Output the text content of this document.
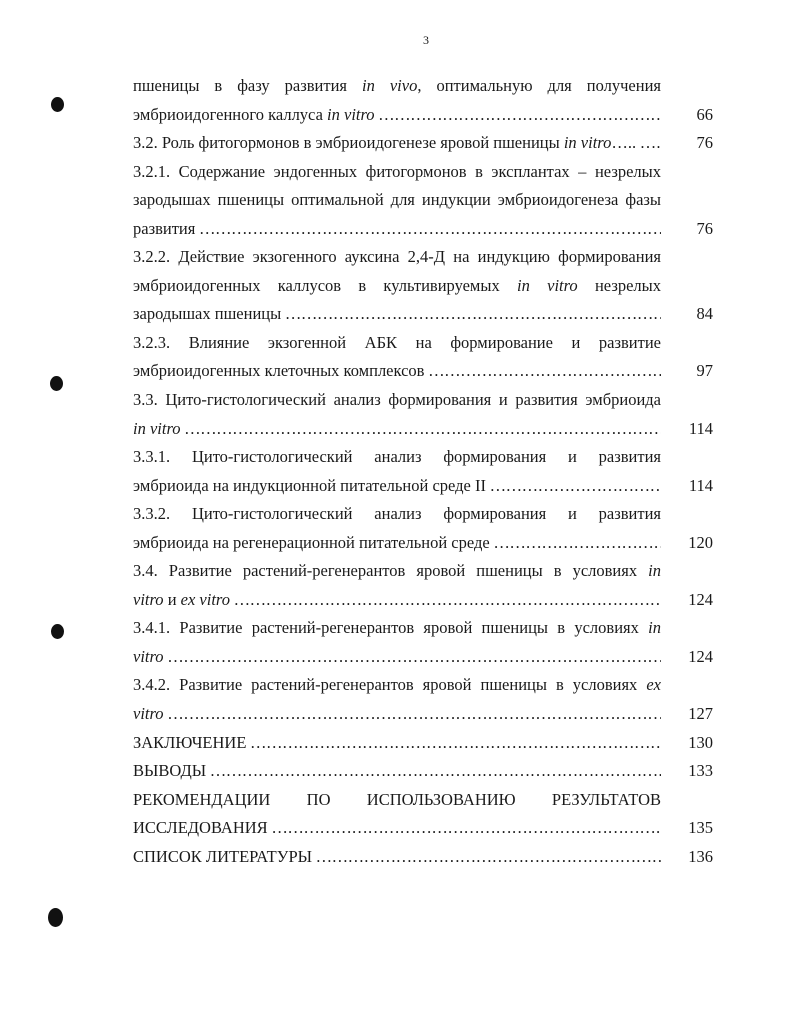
3
пшеницы в фазу развития in vivo, оптимальную для получения
эмбриоидогенного каллуса in vitro ………………………………………………………………………………………………………………………………………………	66
3.2. Роль фитогормонов в эмбриоидогенезе яровой пшеницы in vitro….. ………………………………………………………………………………………………………………………………………………	76
3.2.1. Содержание эндогенных фитогормонов в эксплантах – незрелых
зародышах пшеницы оптимальной для индукции эмбриоидогенеза фазы
развития ………………………………………………………………………………………………………………………………………………	76
3.2.2. Действие экзогенного ауксина 2,4-Д на индукцию формирования
эмбриоидогенных каллусов в культивируемых in vitro незрелых
зародышах пшеницы ………………………………………………………………………………………………………………………………………………	84
3.2.3. Влияние экзогенной АБК на формирование и развитие
эмбриоидогенных клеточных комплексов ………………………………………………………………………………………………………………………………………………	97
3.3. Цито-гистологический анализ формирования и развития эмбриоида
in vitro ………………………………………………………………………………………………………………………………………………	114
3.3.1. Цито-гистологический анализ формирования и развития
эмбриоида на индукционной питательной среде II ………………………………………………………………………………………………………………………………………………	114
3.3.2. Цито-гистологический анализ формирования и развития
эмбриоида на регенерационной питательной среде ………………………………………………………………………………………………………………………………………………	120
3.4. Развитие растений-регенерантов яровой пшеницы в условиях in
vitro и ex vitro ………………………………………………………………………………………………………………………………………………	124
3.4.1. Развитие растений-регенерантов яровой пшеницы в условиях in
vitro ………………………………………………………………………………………………………………………………………………	124
3.4.2. Развитие растений-регенерантов яровой пшеницы в условиях ex
vitro ………………………………………………………………………………………………………………………………………………	127
ЗАКЛЮЧЕНИЕ ………………………………………………………………………………………………………………………………………………	130
ВЫВОДЫ ………………………………………………………………………………………………………………………………………………	133
РЕКОМЕНДАЦИИ ПО ИСПОЛЬЗОВАНИЮ РЕЗУЛЬТАТОВ
ИССЛЕДОВАНИЯ ………………………………………………………………………………………………………………………………………………	135
СПИСОК ЛИТЕРАТУРЫ ………………………………………………………………………………………………………………………………………………	136
